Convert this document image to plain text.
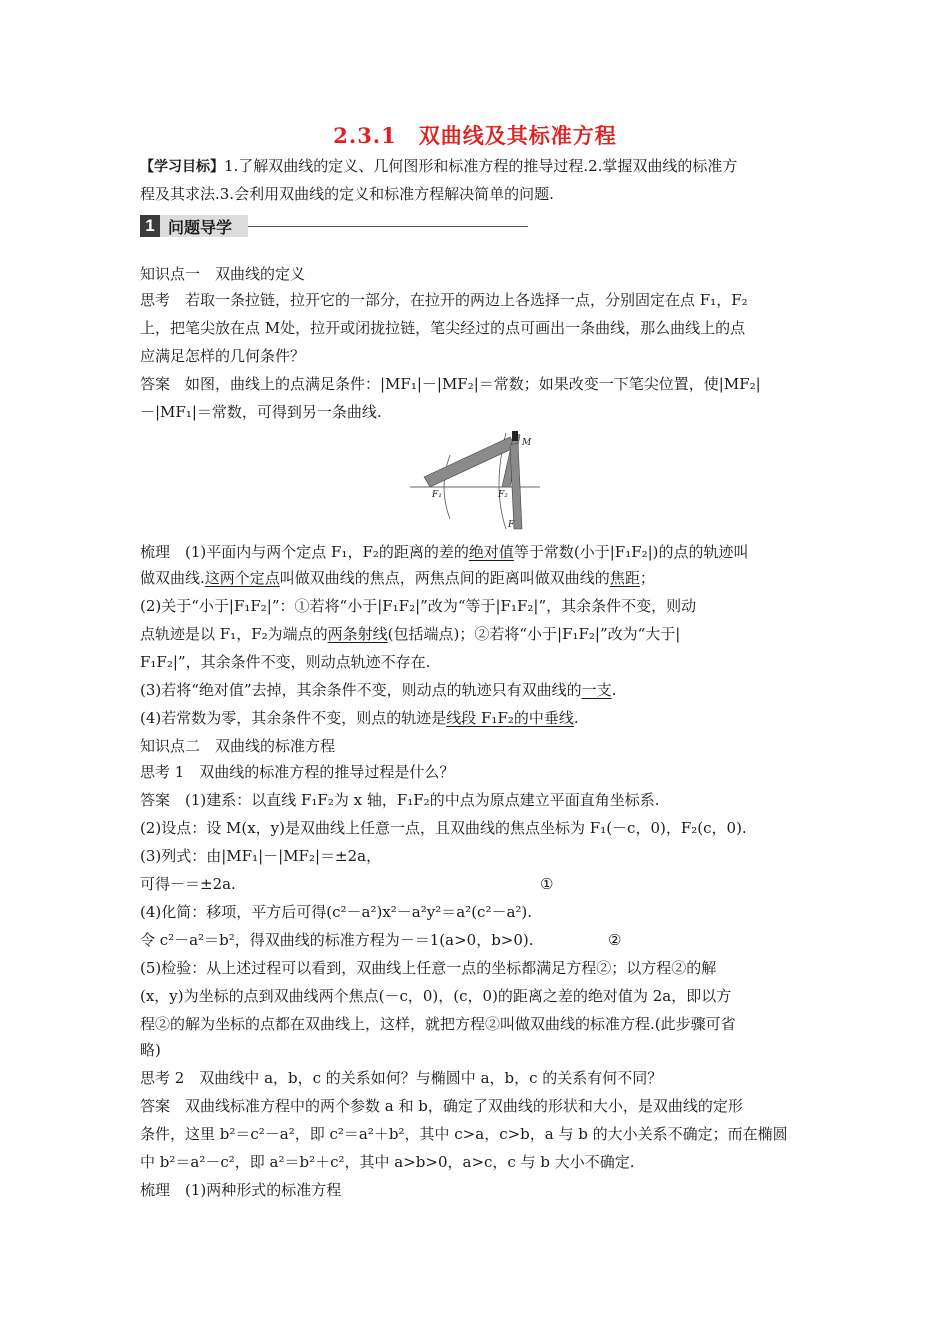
2.3.1　双曲线及其标准方程
【学习目标】1.了解双曲线的定义、几何图形和标准方程的推导过程.2.掌握双曲线的标准方
程及其求法.3.会利用双曲线的定义和标准方程解决简单的问题.
1 问题导学
知识点一　双曲线的定义
思考　若取一条拉链，拉开它的一部分，在拉开的两边上各选择一点，分别固定在点 F₁，F₂
上，把笔尖放在点 M处，拉开或闭拢拉链，笔尖经过的点可画出一条曲线，那么曲线上的点
应满足怎样的几何条件？
答案　如图，曲线上的点满足条件：|MF₁|－|MF₂|＝常数；如果改变一下笔尖位置，使|MF₂|
－|MF₁|＝常数，可得到另一条曲线.
M
F₁	F₂
F
梳理　(1)平面内与两个定点 F₁，F₂的距离的差的绝对值等于常数(小于|F₁F₂|)的点的轨迹叫
做双曲线.这两个定点叫做双曲线的焦点，两焦点间的距离叫做双曲线的焦距；
(2)关于“小于|F₁F₂|”：①若将“小于|F₁F₂|”改为“等于|F₁F₂|”，其余条件不变，则动
点轨迹是以 F₁，F₂为端点的两条射线(包括端点)；②若将“小于|F₁F₂|”改为“大于|
F₁F₂|”，其余条件不变，则动点轨迹不存在.
(3)若将“绝对值”去掉，其余条件不变，则动点的轨迹只有双曲线的一支.
(4)若常数为零，其余条件不变，则点的轨迹是线段 F₁F₂的中垂线.
知识点二　双曲线的标准方程
思考 1　双曲线的标准方程的推导过程是什么？
答案　(1)建系：以直线 F₁F₂为 x 轴，F₁F₂的中点为原点建立平面直角坐标系.
(2)设点：设 M(x，y)是双曲线上任意一点，且双曲线的焦点坐标为 F₁(－c，0)，F₂(c，0).
(3)列式：由|MF₁|－|MF₂|＝±2a，
可得－＝±2a.	①
(4)化简：移项，平方后可得(c²－a²)x²－a²y²＝a²(c²－a²).
令 c²－a²＝b²，得双曲线的标准方程为－＝1(a>0，b>0).	②
(5)检验：从上述过程可以看到，双曲线上任意一点的坐标都满足方程②；以方程②的解
(x，y)为坐标的点到双曲线两个焦点(－c，0)，(c，0)的距离之差的绝对值为 2a，即以方
程②的解为坐标的点都在双曲线上，这样，就把方程②叫做双曲线的标准方程.(此步骤可省
略)
思考 2　双曲线中 a，b，c 的关系如何？与椭圆中 a，b，c 的关系有何不同？
答案　双曲线标准方程中的两个参数 a 和 b，确定了双曲线的形状和大小，是双曲线的定形
条件，这里 b²＝c²－a²，即 c²＝a²＋b²，其中 c>a，c>b，a 与 b 的大小关系不确定；而在椭圆
中 b²＝a²－c²，即 a²＝b²＋c²，其中 a>b>0，a>c，c 与 b 大小不确定.
梳理　(1)两种形式的标准方程
